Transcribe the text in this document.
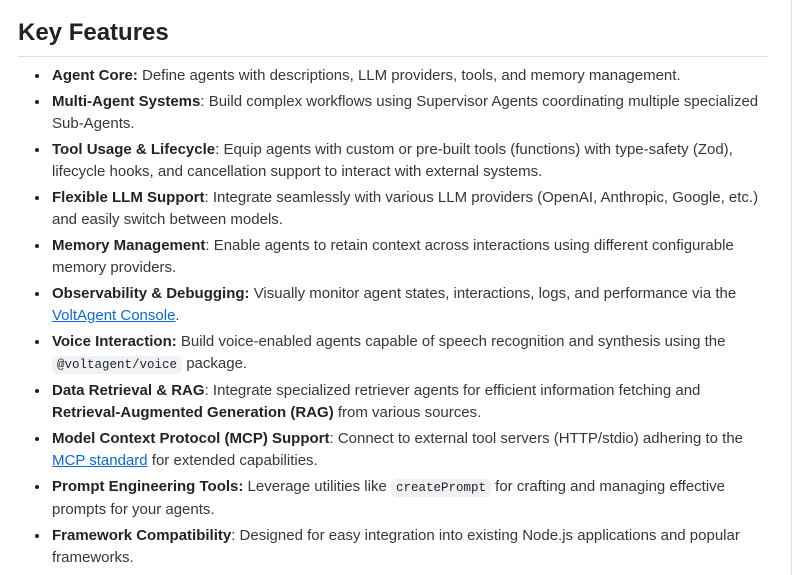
Key Features
• Agent Core: Define agents with descriptions, LLM providers, tools, and memory management.
• Multi-Agent Systems: Build complex workflows using Supervisor Agents coordinating multiple specialized Sub-Agents.
• Tool Usage & Lifecycle: Equip agents with custom or pre-built tools (functions) with type-safety (Zod), lifecycle hooks, and cancellation support to interact with external systems.
• Flexible LLM Support: Integrate seamlessly with various LLM providers (OpenAI, Anthropic, Google, etc.) and easily switch between models.
• Memory Management: Enable agents to retain context across interactions using different configurable memory providers.
• Observability & Debugging: Visually monitor agent states, interactions, logs, and performance via the VoltAgent Console.
• Voice Interaction: Build voice-enabled agents capable of speech recognition and synthesis using the @voltagent/voice package.
• Data Retrieval & RAG: Integrate specialized retriever agents for efficient information fetching and Retrieval-Augmented Generation (RAG) from various sources.
• Model Context Protocol (MCP) Support: Connect to external tool servers (HTTP/stdio) adhering to the MCP standard for extended capabilities.
• Prompt Engineering Tools: Leverage utilities like createPrompt for crafting and managing effective prompts for your agents.
• Framework Compatibility: Designed for easy integration into existing Node.js applications and popular frameworks.
